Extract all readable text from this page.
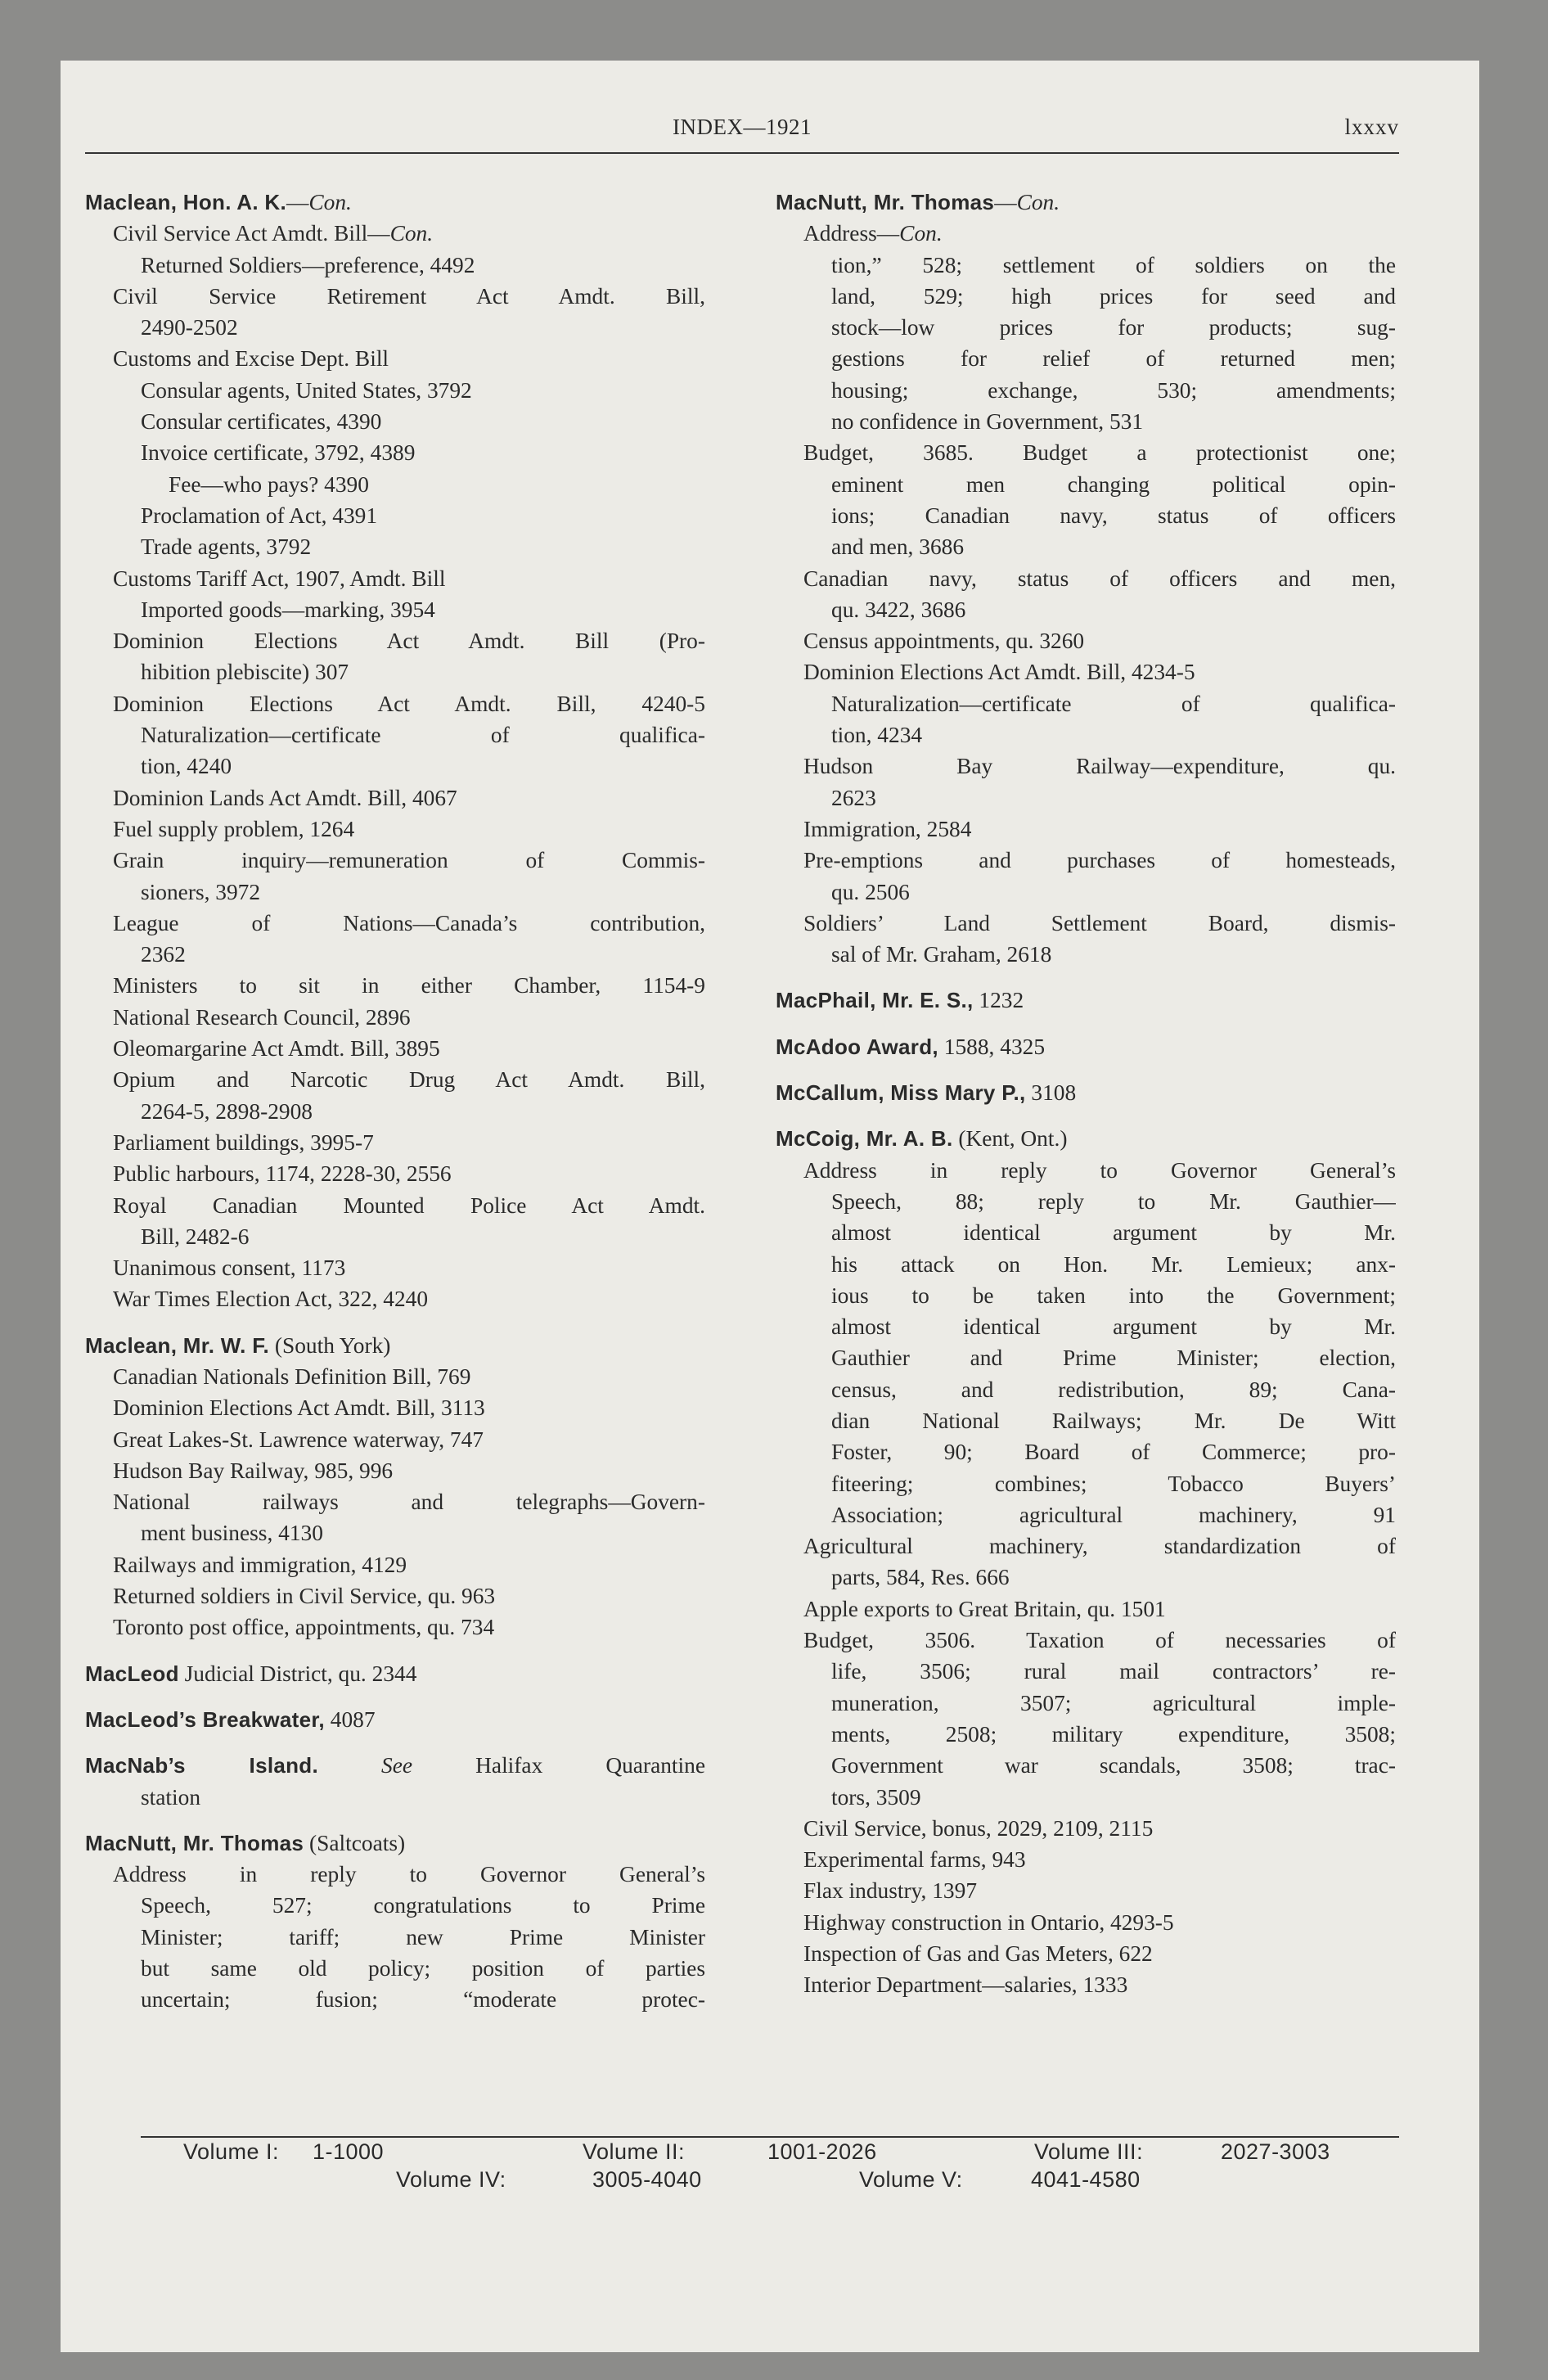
INDEX—1921	lxxxv
Maclean, Hon. A. K.—Con.
Civil Service Act Amdt. Bill—Con.
Returned Soldiers—preference, 4492
Civil Service Retirement Act Amdt. Bill,
2490-2502
Customs and Excise Dept. Bill
Consular agents, United States, 3792
Consular certificates, 4390
Invoice certificate, 3792, 4389
Fee—who pays? 4390
Proclamation of Act, 4391
Trade agents, 3792
Customs Tariff Act, 1907, Amdt. Bill
Imported goods—marking, 3954
Dominion Elections Act Amdt. Bill (Pro-
hibition plebiscite) 307
Dominion Elections Act Amdt. Bill, 4240-5
Naturalization—certificate of qualifica-
tion, 4240
Dominion Lands Act Amdt. Bill, 4067
Fuel supply problem, 1264
Grain inquiry—remuneration of Commis-
sioners, 3972
League of Nations—Canada’s contribution,
2362
Ministers to sit in either Chamber, 1154-9
National Research Council, 2896
Oleomargarine Act Amdt. Bill, 3895
Opium and Narcotic Drug Act Amdt. Bill,
2264-5, 2898-2908
Parliament buildings, 3995-7
Public harbours, 1174, 2228-30, 2556
Royal Canadian Mounted Police Act Amdt.
Bill, 2482-6
Unanimous consent, 1173
War Times Election Act, 322, 4240
Maclean, Mr. W. F. (South York)
Canadian Nationals Definition Bill, 769
Dominion Elections Act Amdt. Bill, 3113
Great Lakes-St. Lawrence waterway, 747
Hudson Bay Railway, 985, 996
National railways and telegraphs—Govern-
ment business, 4130
Railways and immigration, 4129
Returned soldiers in Civil Service, qu. 963
Toronto post office, appointments, qu. 734
MacLeod Judicial District, qu. 2344
MacLeod’s Breakwater, 4087
MacNab’s Island. See Halifax Quarantine
station
MacNutt, Mr. Thomas (Saltcoats)
Address in reply to Governor General’s
Speech, 527; congratulations to Prime
Minister; tariff; new Prime Minister
but same old policy; position of parties
uncertain; fusion; “moderate protec-
MacNutt, Mr. Thomas—Con.
Address—Con.
tion,” 528; settlement of soldiers on the
land, 529; high prices for seed and
stock—low prices for products; sug-
gestions for relief of returned men;
housing; exchange, 530; amendments;
no confidence in Government, 531
Budget, 3685. Budget a protectionist one;
eminent men changing political opin-
ions; Canadian navy, status of officers
and men, 3686
Canadian navy, status of officers and men,
qu. 3422, 3686
Census appointments, qu. 3260
Dominion Elections Act Amdt. Bill, 4234-5
Naturalization—certificate of qualifica-
tion, 4234
Hudson Bay Railway—expenditure, qu.
2623
Immigration, 2584
Pre-emptions and purchases of homesteads,
qu. 2506
Soldiers’ Land Settlement Board, dismis-
sal of Mr. Graham, 2618
MacPhail, Mr. E. S., 1232
McAdoo Award, 1588, 4325
McCallum, Miss Mary P., 3108
McCoig, Mr. A. B. (Kent, Ont.)
Address in reply to Governor General’s
Speech, 88; reply to Mr. Gauthier—
almost identical argument by Mr.
his attack on Hon. Mr. Lemieux; anx-
ious to be taken into the Government;
almost identical argument by Mr.
Gauthier and Prime Minister; election,
census, and redistribution, 89; Cana-
dian National Railways; Mr. De Witt
Foster, 90; Board of Commerce; pro-
fiteering; combines; Tobacco Buyers’
Association; agricultural machinery, 91
Agricultural machinery, standardization of
parts, 584, Res. 666
Apple exports to Great Britain, qu. 1501
Budget, 3506. Taxation of necessaries of
life, 3506; rural mail contractors’ re-
muneration, 3507; agricultural imple-
ments, 2508; military expenditure, 3508;
Government war scandals, 3508; trac-
tors, 3509
Civil Service, bonus, 2029, 2109, 2115
Experimental farms, 943
Flax industry, 1397
Highway construction in Ontario, 4293-5
Inspection of Gas and Gas Meters, 622
Interior Department—salaries, 1333
Volume I: 1-1000	Volume II:	1001-2026	Volume III:	2027-3003
Volume IV:	3005-4040	Volume V:	4041-4580
